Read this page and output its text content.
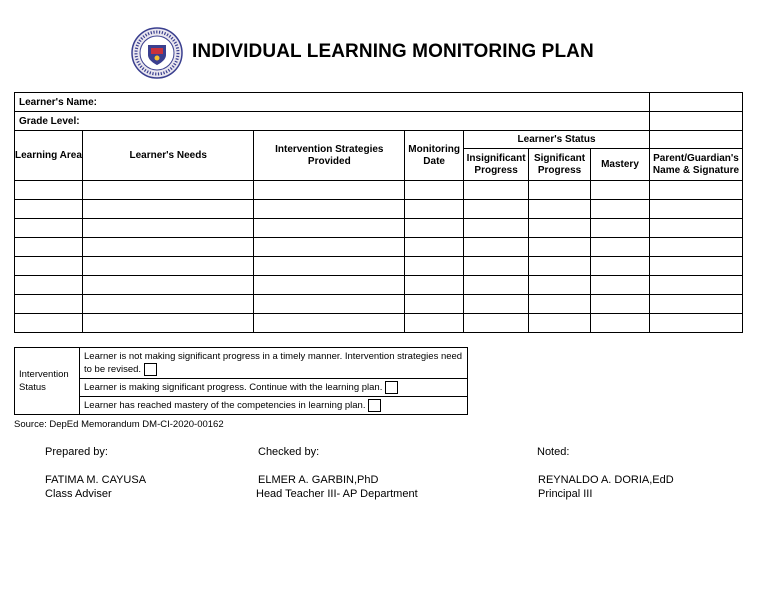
INDIVIDUAL LEARNING MONITORING PLAN
Learner's Name:							
Grade Level:							
Learning Area	Learner's Needs	Intervention Strategies Provided	Monitoring Date	Learner's Status			
				Insignificant Progress	Significant Progress	Mastery	Parent/Guardian's Name & Signature

Intervention Status	Learner is not making significant progress in a timely manner. Intervention strategies need to be revised.
Learner is making significant progress. Continue with the learning plan.
Learner has reached mastery of the competencies in learning plan.
Source: DepEd Memorandum DM-CI-2020-00162
Prepared by:
FATIMA M. CAYUSA
Class Adviser
Checked by:
ELMER A. GARBIN,PhD
Head Teacher III- AP Department
Noted:
REYNALDO A. DORIA,EdD
Principal III
